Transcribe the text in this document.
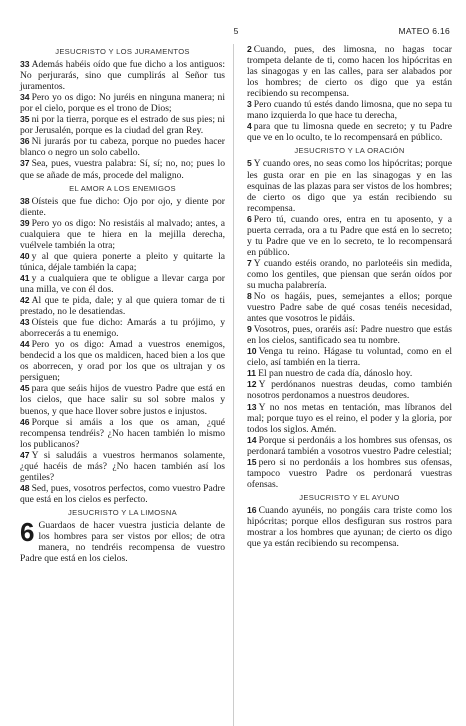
5	MATEO 6.16
JESUCRISTO Y LOS JURAMENTOS

33 Además habéis oído que fue dicho a los antiguos: No perjurarás, sino que cumplirás al Señor tus juramentos.

34 Pero yo os digo: No juréis en ninguna manera; ni por el cielo, porque es el trono de Dios;

35 ni por la tierra, porque es el estrado de sus pies; ni por Jerusalén, porque es la ciudad del gran Rey.

36 Ni jurarás por tu cabeza, porque no puedes hacer blanco o negro un solo cabello.

37 Sea, pues, vuestra palabra: Sí, sí; no, no; pues lo que se añade de más, procede del maligno.

EL AMOR A LOS ENEMIGOS

38 Oísteis que fue dicho: Ojo por ojo, y diente por diente.

39 Pero yo os digo: No resistáis al malvado; antes, a cualquiera que te hiera en la mejilla derecha, vuélvele también la otra;

40 y al que quiera ponerte a pleito y quitarte la túnica, déjale también la capa;

41 y a cualquiera que te obligue a llevar carga por una milla, ve con él dos.

42 Al que te pida, dale; y al que quiera tomar de ti prestado, no le desatiendas.

43 Oísteis que fue dicho: Amarás a tu prójimo, y aborrecerás a tu enemigo.

44 Pero yo os digo: Amad a vuestros enemigos, bendecid a los que os maldicen, haced bien a los que os aborrecen, y orad por los que os ultrajan y os persiguen;

45 para que seáis hijos de vuestro Padre que está en los cielos, que hace salir su sol sobre malos y buenos, y que hace llover sobre justos e injustos.

46 Porque si amáis a los que os aman, ¿qué recompensa tendréis? ¿No hacen también lo mismo los publicanos?

47 Y si saludáis a vuestros hermanos solamente, ¿qué hacéis de más? ¿No hacen también así los gentiles?

48 Sed, pues, vosotros perfectos, como vuestro Padre que está en los cielos es perfecto.

JESUCRISTO Y LA LIMOSNA

6 Guardaos de hacer vuestra justicia delante de los hombres para ser vistos por ellos; de otra manera, no tendréis recompensa de vuestro Padre que está en los cielos.

2 Cuando, pues, des limosna, no hagas tocar trompeta delante de ti, como hacen los hipócritas en las sinagogas y en las calles, para ser alabados por los hombres; de cierto os digo que ya están recibiendo su recompensa.

3 Pero cuando tú estés dando limosna, que no sepa tu mano izquierda lo que hace tu derecha,

4 para que tu limosna quede en secreto; y tu Padre que ve en lo oculto, te lo recompensará en público.

JESUCRISTO Y LA ORACIÓN

5 Y cuando ores, no seas como los hipócritas; porque les gusta orar en pie en las sinagogas y en las esquinas de las plazas para ser vistos de los hombres; de cierto os digo que ya están recibiendo su recompensa.

6 Pero tú, cuando ores, entra en tu aposento, y a puerta cerrada, ora a tu Padre que está en lo secreto; y tu Padre que ve en lo secreto, te lo recompensará en público.

7 Y cuando estéis orando, no parloteéis sin medida, como los gentiles, que piensan que serán oídos por su mucha palabrería.

8 No os hagáis, pues, semejantes a ellos; porque vuestro Padre sabe de qué cosas tenéis necesidad, antes que vosotros le pidáis.

9 Vosotros, pues, oraréis así: Padre nuestro que estás en los cielos, santificado sea tu nombre.

10 Venga tu reino. Hágase tu voluntad, como en el cielo, así también en la tierra.

11 El pan nuestro de cada día, dánoslo hoy.

12 Y perdónanos nuestras deudas, como también nosotros perdonamos a nuestros deudores.

13 Y no nos metas en tentación, mas líbranos del mal; porque tuyo es el reino, el poder y la gloria, por todos los siglos. Amén.

14 Porque si perdonáis a los hombres sus ofensas, os perdonará también a vosotros vuestro Padre celestial;

15 pero si no perdonáis a los hombres sus ofensas, tampoco vuestro Padre os perdonará vuestras ofensas.

JESUCRISTO Y EL AYUNO

16 Cuando ayunéis, no pongáis cara triste como los hipócritas; porque ellos desfiguran sus rostros para mostrar a los hombres que ayunan; de cierto os digo que ya están recibiendo su recompensa.
